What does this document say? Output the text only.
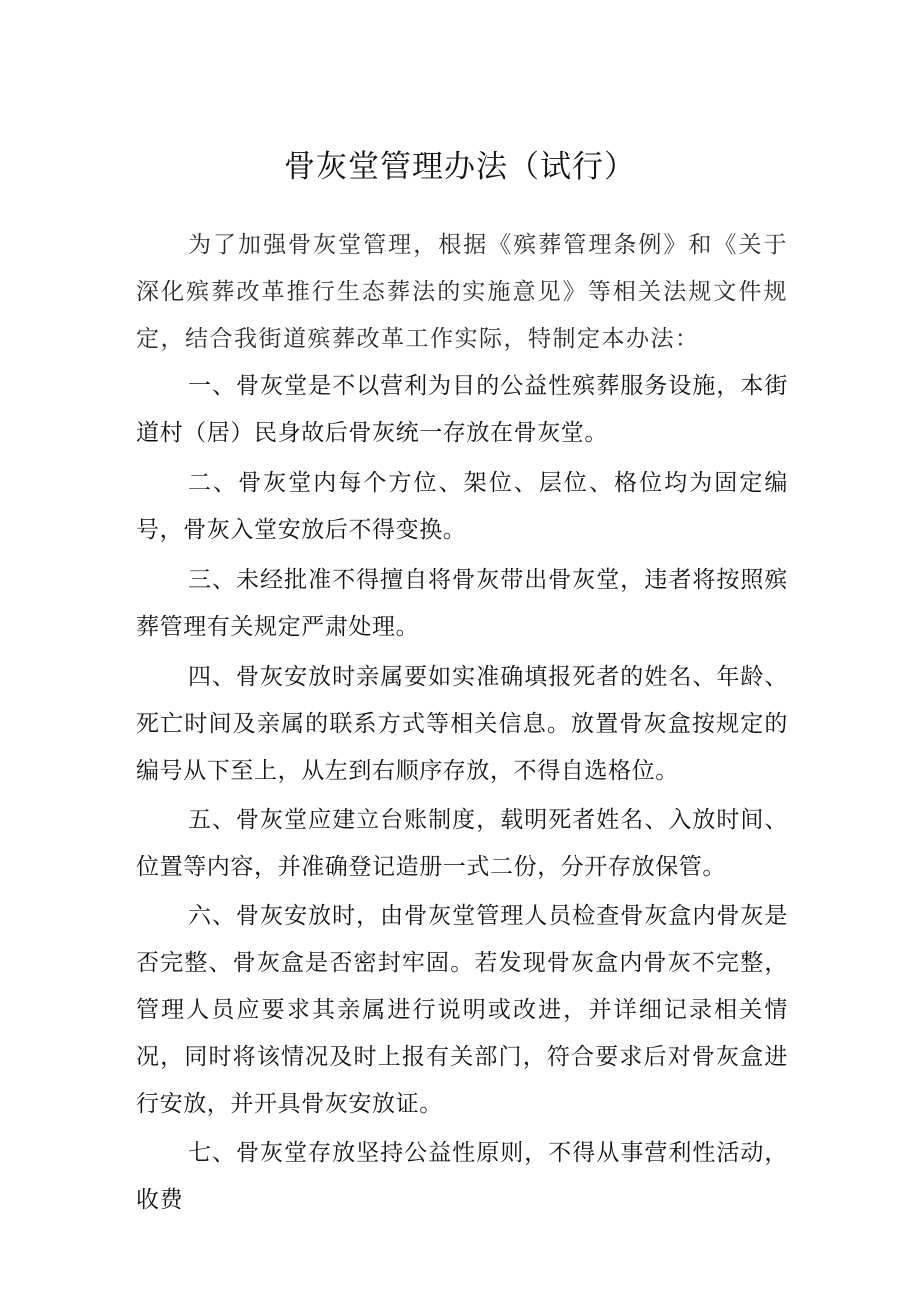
骨灰堂管理办法（试行）

为了加强骨灰堂管理，根据《殡葬管理条例》和《关于深化殡葬改革推行生态葬法的实施意见》等相关法规文件规定，结合我街道殡葬改革工作实际，特制定本办法：

一、骨灰堂是不以营利为目的公益性殡葬服务设施，本街道村（居）民身故后骨灰统一存放在骨灰堂。

二、骨灰堂内每个方位、架位、层位、格位均为固定编号，骨灰入堂安放后不得变换。

三、未经批准不得擅自将骨灰带出骨灰堂，违者将按照殡葬管理有关规定严肃处理。

四、骨灰安放时亲属要如实准确填报死者的姓名、年龄、死亡时间及亲属的联系方式等相关信息。放置骨灰盒按规定的编号从下至上，从左到右顺序存放，不得自选格位。

五、骨灰堂应建立台账制度，载明死者姓名、入放时间、位置等内容，并准确登记造册一式二份，分开存放保管。

六、骨灰安放时，由骨灰堂管理人员检查骨灰盒内骨灰是否完整、骨灰盒是否密封牢固。若发现骨灰盒内骨灰不完整，管理人员应要求其亲属进行说明或改进，并详细记录相关情况，同时将该情况及时上报有关部门，符合要求后对骨灰盒进行安放，并开具骨灰安放证。

七、骨灰堂存放坚持公益性原则，不得从事营利性活动，收费
